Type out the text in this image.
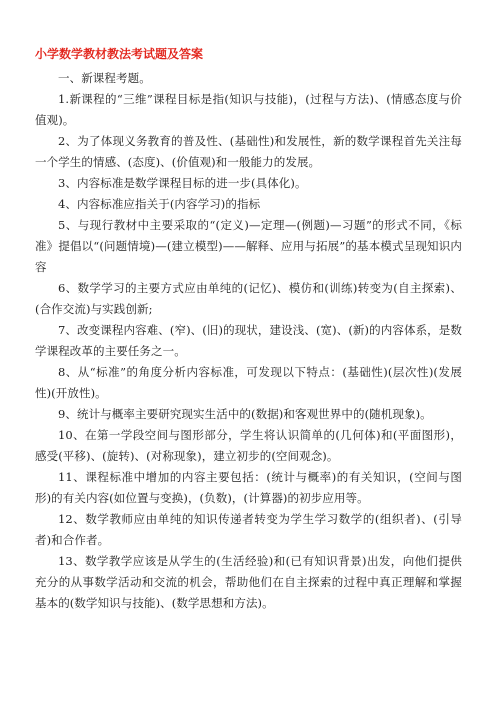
小学数学教材教法考试题及答案

一、新课程考题。

1.新课程的“三维”课程目标是指(知识与技能)，(过程与方法)、(情感态度与价值观)。

2、为了体现义务教育的普及性、(基础性)和发展性，新的数学课程首先关注每一个学生的情感、(态度)、(价值观)和一般能力的发展。

3、内容标准是数学课程目标的进一步(具体化)。

4、内容标准应指关于(内容学习)的指标

5、与现行教材中主要采取的“(定义)—定理—(例题)—习题”的形式不同，《标准》提倡以“(问题情境)—(建立模型)——解释、应用与拓展”的基本模式呈现知识内容

6、数学学习的主要方式应由单纯的(记忆)、模仿和(训练)转变为(自主探索)、(合作交流)与实践创新;

7、改变课程内容难、(窄)、(旧)的现状，建设浅、(宽)、(新)的内容体系，是数学课程改革的主要任务之一。

8、从“标准”的角度分析内容标准，可发现以下特点：(基础性)(层次性)(发展性)(开放性)。

9、统计与概率主要研究现实生活中的(数据)和客观世界中的(随机现象)。

10、在第一学段空间与图形部分，学生将认识简单的(几何体)和(平面图形)，感受(平移)、(旋转)、(对称现象)，建立初步的(空间观念)。

11、课程标准中增加的内容主要包括：(统计与概率)的有关知识，(空间与图形)的有关内容(如位置与变换)，(负数)，(计算器)的初步应用等。

12、数学教师应由单纯的知识传递者转变为学生学习数学的(组织者)、(引导者)和合作者。

13、数学教学应该是从学生的(生活经验)和(已有知识背景)出发，向他们提供充分的从事数学活动和交流的机会，帮助他们在自主探索的过程中真正理解和掌握基本的(数学知识与技能)、(数学思想和方法)。
